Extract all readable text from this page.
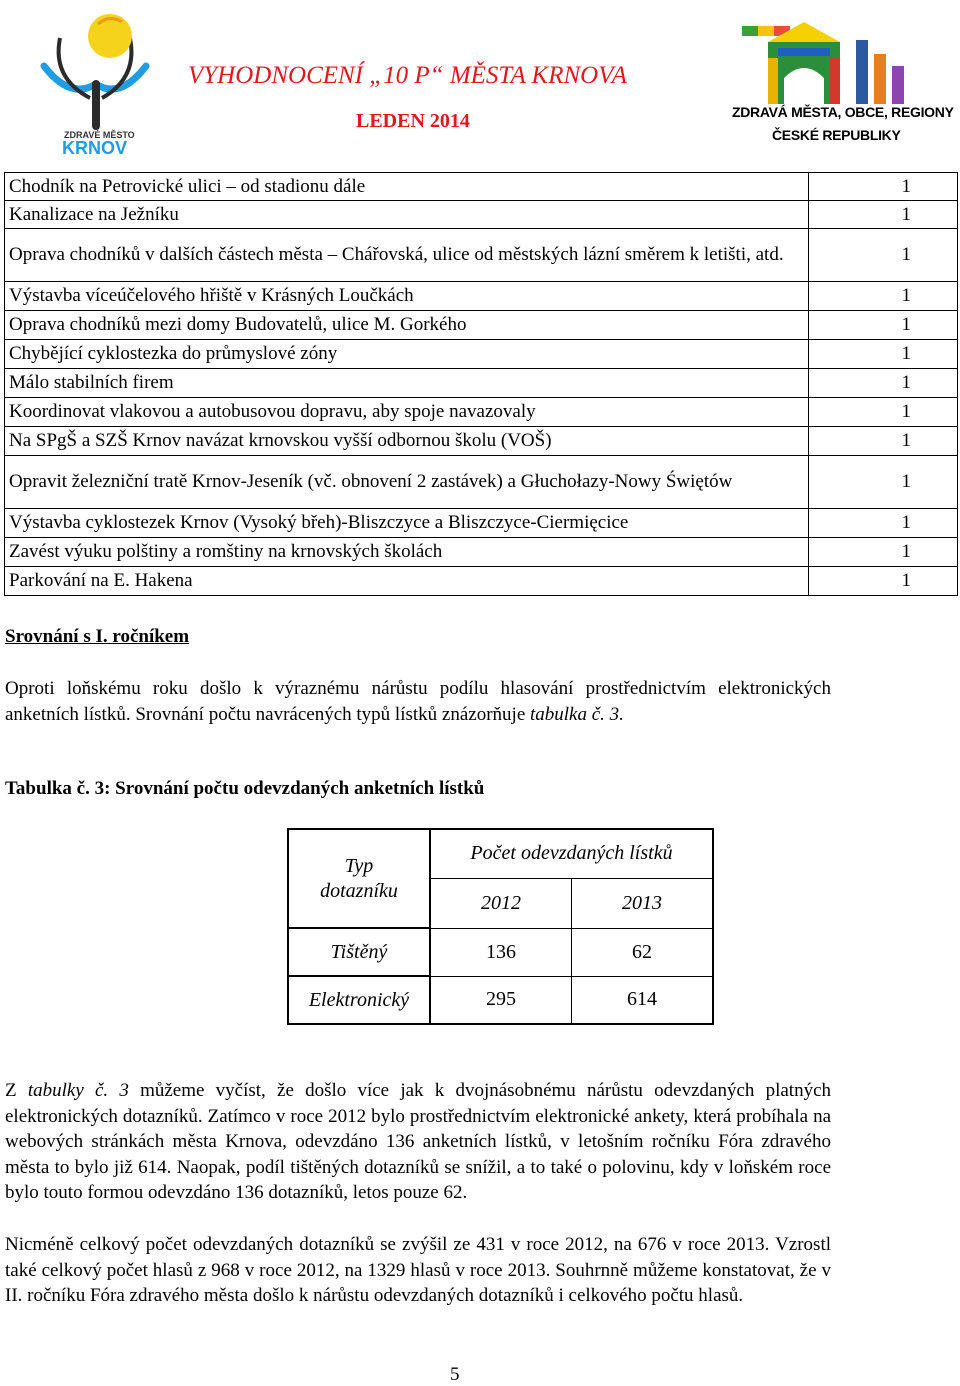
ZDRAVÉ MĚSTO
KRNOV
VYHODNOCENÍ „10 P“ MĚSTA KRNOVA
LEDEN 2014	ZDRAVÁ MĚSTA, OBCE, REGIONY
ČESKÉ REPUBLIKY
Chodník na Petrovické ulici – od stadionu dále	1
Kanalizace na Ježníku	1
Oprava chodníků v dalších částech města – Chářovská, ulice od městských lázní směrem k letišti, atd.	1
Výstavba víceúčelového hřiště v Krásných Loučkách	1
Oprava chodníků mezi domy Budovatelů, ulice M. Gorkého	1
Chybějící cyklostezka do průmyslové zóny	1
Málo stabilních firem	1
Koordinovat vlakovou a autobusovou dopravu, aby spoje navazovaly	1
Na SPgŠ a SZŠ Krnov navázat krnovskou vyšší odbornou školu (VOŠ)	1
Opravit železniční tratě Krnov-Jeseník (vč. obnovení 2 zastávek) a Głuchołazy-Nowy Świętów	1
Výstavba cyklostezek Krnov (Vysoký břeh)-Bliszczyce a Bliszczyce-Ciermięcice	1
Zavést výuku polštiny a romštiny na krnovských školách	1
Parkování na E. Hakena	1
Srovnání s I. ročníkem
Oproti loňskému roku došlo k výraznému nárůstu podílu hlasování prostřednictvím elektronických anketních lístků. Srovnání počtu navrácených typů lístků znázorňuje tabulka č. 3.
Tabulka č. 3: Srovnání počtu odevzdaných anketních lístků
Typ dotazníku	Počet odevzdaných lístků	
	2012	2013
Tištěný	136	62
Elektronický	295	614
Z tabulky č. 3 můžeme vyčíst, že došlo více jak k dvojnásobnému nárůstu odevzdaných platných elektronických dotazníků. Zatímco v roce 2012 bylo prostřednictvím elektronické ankety, která probíhala na webových stránkách města Krnova, odevzdáno 136 anketních lístků, v letošním ročníku Fóra zdravého města to bylo již 614. Naopak, podíl tištěných dotazníků se snížil, a to také o polovinu, kdy v loňském roce bylo touto formou odevzdáno 136 dotazníků, letos pouze 62.
Nicméně celkový počet odevzdaných dotazníků se zvýšil ze 431 v roce 2012, na 676 v roce 2013. Vzrostl také celkový počet hlasů z 968 v roce 2012, na 1329 hlasů v roce 2013. Souhrnně můžeme konstatovat, že v II. ročníku Fóra zdravého města došlo k nárůstu odevzdaných dotazníků i celkového počtu hlasů.
5
